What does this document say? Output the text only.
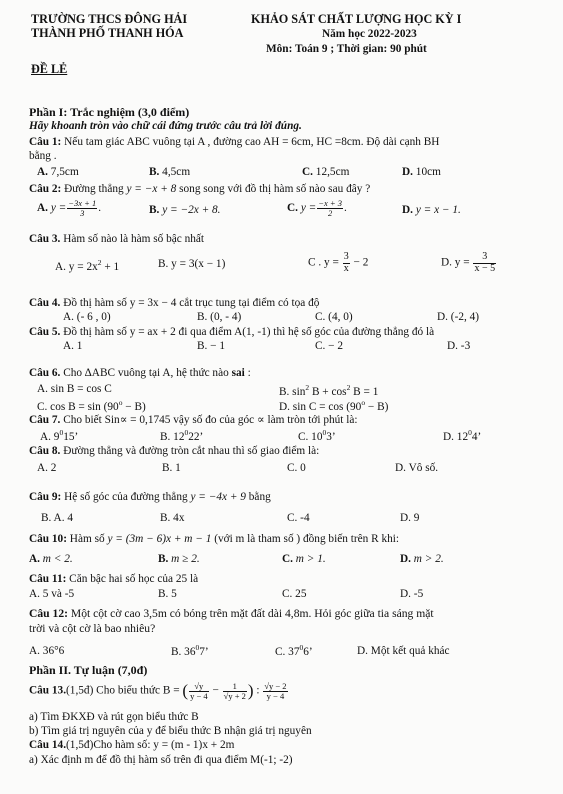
TRƯỜNG THCS ĐÔNG HẢI
THÀNH PHỐ THANH HÓA
KHẢO SÁT CHẤT LƯỢNG HỌC KỲ I
Năm học 2022-2023
Môn: Toán 9 ; Thời gian: 90 phút
ĐỀ LẺ
Phần I: Trắc nghiệm (3,0 điểm)
Hãy khoanh tròn vào chữ cái đứng trước câu trả lời đúng.
Câu 1: Nếu tam giác ABC vuông tại A , đường cao AH = 6cm, HC =8cm. Độ dài cạnh BH
bằng .
A. 7,5cm	B. 4,5cm	C. 12,5cm	D. 10cm
Câu 2: Đường thẳng y = −x + 8 song song với đồ thị hàm số nào sau đây ?
A. $y = \frac{-3x + 1}{3}$ .	B. y = −2x + 8.	C. $y = \frac{-x + 3}{2}$ .	D. y = x − 1.
Câu 3. Hàm số nào là hàm số bậc nhất
A. $y = 2x^2 + 1$	B. y = 3(x − 1)	C . $y = \frac{3}{x} - 2$	D. $y = \frac{3}{x - 5}$
Câu 4. Đồ thị hàm số y = 3x − 4 cắt trục tung tại điểm có tọa độ
A. (- 6 , 0)	B. (0, - 4)	C. (4, 0)	D. (-2, 4)
Câu 5. Đồ thị hàm số y = ax + 2 đi qua điểm A(1, -1) thì hệ số góc của đường thẳng đó là
A. 1	B. − 1	C. − 2	D. -3
Câu 6. Cho ∆ABC vuông tại A, hệ thức nào sai :
A. sin B = cos C	B. $\sin^2 B + \cos^2 B = 1$
C. $\cos B = \sin (90^o - B)$	D. $\sin C = \cos (90^o - B)$
Câu 7. Cho biết Sin∝ = 0,1745 vậy số đo của góc ∝ làm tròn tới phút là:
A. $9^015$’	B. $12^022$’	C. $10^03$’	D. $12^04$’
Câu 8. Đường thẳng và đường tròn cắt nhau thì số giao điểm là:
A. 2	B. 1	C. 0	D. Vô số.
Câu 9: Hệ số góc của đường thẳng y = −4x + 9 bằng
B. A. 4	B. 4x	C. -4	D. 9
Câu 10: Hàm số y = (3m − 6)x + m − 1 (với m là tham số ) đồng biến trên R khi:
A. m < 2.	B. m ≥ 2.	C. m > 1.	D. m > 2.
Câu 11: Căn bậc hai số học của 25 là
A. 5 và -5	B. 5	C. 25	D. -5
Câu 12: Một cột cờ cao 3,5m có bóng trên mặt đất dài 4,8m. Hỏi góc giữa tia sáng mặt
trời và cột cờ là bao nhiêu?
A. 36°6	B. $36^07$’	C. $37^06$’	D. Một kết quả khác
Phần II. Tự luận (7,0đ)
Câu 13.(1,5đ) Cho biểu thức B = ( $\frac{√y}{y - 4} - \frac{1}{√y + 2}$ ) : $\frac{√y - 2}{y - 4}$
a) Tìm ĐKXĐ và rút gọn biểu thức B
b) Tìm giá trị nguyên của y để biểu thức B nhận giá trị nguyên
Câu 14.(1,5đ)Cho hàm số: y = (m - 1)x + 2m
a) Xác định m để đồ thị hàm số trên đi qua điểm M(-1; -2)
